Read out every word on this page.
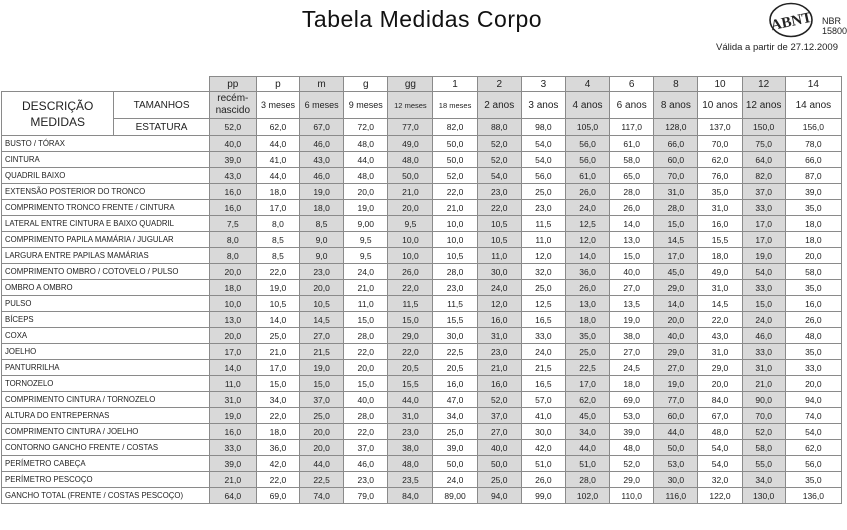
Tabela Medidas Corpo	ABNT NBR
15800
Válida a partir de 27.12.2009
		pp	p	m	g	gg	1	2	3	4	6	8	10	12	14

DESCRIÇÃO
MEDIDAS	TAMANHOS	recém-nascido	3 meses	6 meses	9 meses	12 meses	18 meses	2 anos	3 anos	4 anos	6 anos	8 anos	10 anos	12 anos	14 anos
	ESTATURA	52,0	62,0	67,0	72,0	77,0	82,0	88,0	98,0	105,0	117,0	128,0	137,0	150,0	156,0
BUSTO / TÓRAX		40,0	44,0	46,0	48,0	49,0	50,0	52,0	54,0	56,0	61,0	66,0	70,0	75,0	78,0
CINTURA		39,0	41,0	43,0	44,0	48,0	50,0	52,0	54,0	56,0	58,0	60,0	62,0	64,0	66,0
QUADRIL BAIXO		43,0	44,0	46,0	48,0	50,0	52,0	54,0	56,0	61,0	65,0	70,0	76,0	82,0	87,0
EXTENSÃO POSTERIOR DO TRONCO		16,0	18,0	19,0	20,0	21,0	22,0	23,0	25,0	26,0	28,0	31,0	35,0	37,0	39,0
COMPRIMENTO TRONCO FRENTE / CINTURA		16,0	17,0	18,0	19,0	20,0	21,0	22,0	23,0	24,0	26,0	28,0	31,0	33,0	35,0
LATERAL ENTRE CINTURA E BAIXO QUADRIL		7,5	8,0	8,5	9,00	9,5	10,0	10,5	11,5	12,5	14,0	15,0	16,0	17,0	18,0
COMPRIMENTO PAPILA MAMÁRIA / JUGULAR		8,0	8,5	9,0	9,5	10,0	10,0	10,5	11,0	12,0	13,0	14,5	15,5	17,0	18,0
LARGURA ENTRE PAPILAS MAMÁRIAS		8,0	8,5	9,0	9,5	10,0	10,5	11,0	12,0	14,0	15,0	17,0	18,0	19,0	20,0
COMPRIMENTO OMBRO / COTOVELO / PULSO		20,0	22,0	23,0	24,0	26,0	28,0	30,0	32,0	36,0	40,0	45,0	49,0	54,0	58,0
OMBRO A OMBRO		18,0	19,0	20,0	21,0	22,0	23,0	24,0	25,0	26,0	27,0	29,0	31,0	33,0	35,0
PULSO		10,0	10,5	10,5	11,0	11,5	11,5	12,0	12,5	13,0	13,5	14,0	14,5	15,0	16,0
BÍCEPS		13,0	14,0	14,5	15,0	15,0	15,5	16,0	16,5	18,0	19,0	20,0	22,0	24,0	26,0
COXA		20,0	25,0	27,0	28,0	29,0	30,0	31,0	33,0	35,0	38,0	40,0	43,0	46,0	48,0
JOELHO		17,0	21,0	21,5	22,0	22,0	22,5	23,0	24,0	25,0	27,0	29,0	31,0	33,0	35,0
PANTURRILHA		14,0	17,0	19,0	20,0	20,5	20,5	21,0	21,5	22,5	24,5	27,0	29,0	31,0	33,0
TORNOZELO		11,0	15,0	15,0	15,0	15,5	16,0	16,0	16,5	17,0	18,0	19,0	20,0	21,0	20,0
COMPRIMENTO CINTURA / TORNOZELO		31,0	34,0	37,0	40,0	44,0	47,0	52,0	57,0	62,0	69,0	77,0	84,0	90,0	94,0
ALTURA DO ENTREPERNAS		19,0	22,0	25,0	28,0	31,0	34,0	37,0	41,0	45,0	53,0	60,0	67,0	70,0	74,0
COMPRIMENTO CINTURA / JOELHO		16,0	18,0	20,0	22,0	23,0	25,0	27,0	30,0	34,0	39,0	44,0	48,0	52,0	54,0
CONTORNO GANCHO FRENTE / COSTAS		33,0	36,0	20,0	37,0	38,0	39,0	40,0	42,0	44,0	48,0	50,0	54,0	58,0	62,0
PERÍMETRO CABEÇA		39,0	42,0	44,0	46,0	48,0	50,0	50,0	51,0	51,0	52,0	53,0	54,0	55,0	56,0
PERÍMETRO PESCOÇO		21,0	22,0	22,5	23,0	23,5	24,0	25,0	26,0	28,0	29,0	30,0	32,0	34,0	35,0
GANCHO TOTAL (FRENTE / COSTAS PESCOÇO)		64,0	69,0	74,0	79,0	84,0	89,00	94,0	99,0	102,0	110,0	116,0	122,0	130,0	136,0
